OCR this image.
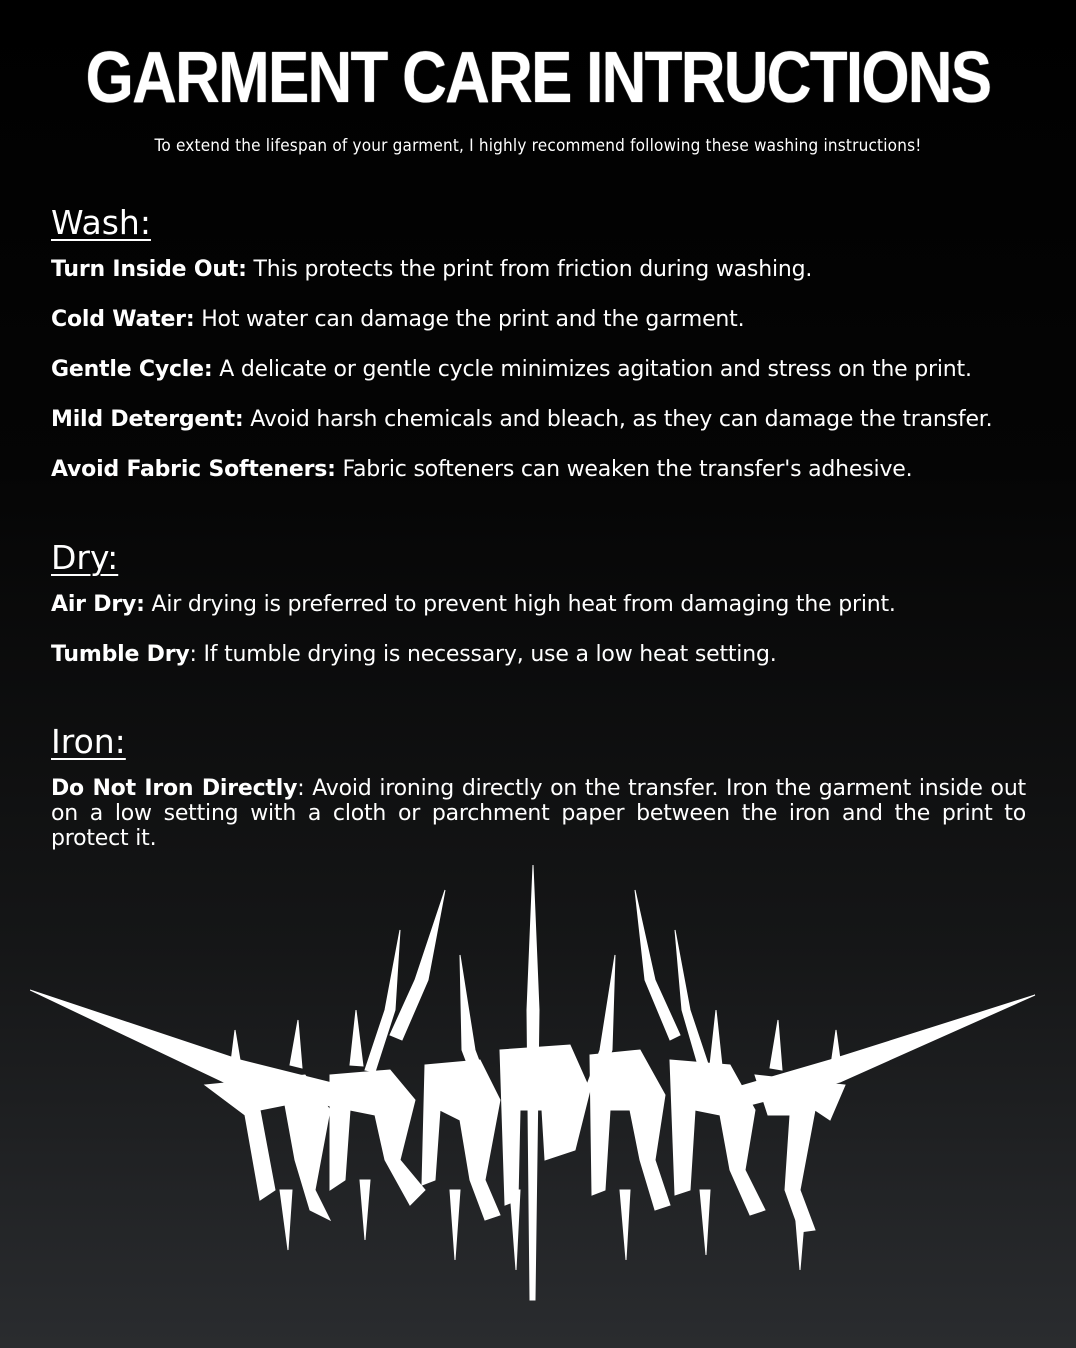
GARMENT CARE INTRUCTIONS
To extend the lifespan of your garment, I highly recommend following these washing instructions!
Wash:
Turn Inside Out: This protects the print from friction during washing.
Cold Water: Hot water can damage the print and the garment.
Gentle Cycle: A delicate or gentle cycle minimizes agitation and stress on the print.
Mild Detergent: Avoid harsh chemicals and bleach, as they can damage the transfer.
Avoid Fabric Softeners: Fabric softeners can weaken the transfer's adhesive.
Dry:
Air Dry: Air drying is preferred to prevent high heat from damaging the print.
Tumble Dry: If tumble drying is necessary, use a low heat setting.
Iron:
Do Not Iron Directly: Avoid ironing directly on the transfer. Iron the garment inside out on a low setting with a cloth or parchment paper between the iron and the print to protect it.
